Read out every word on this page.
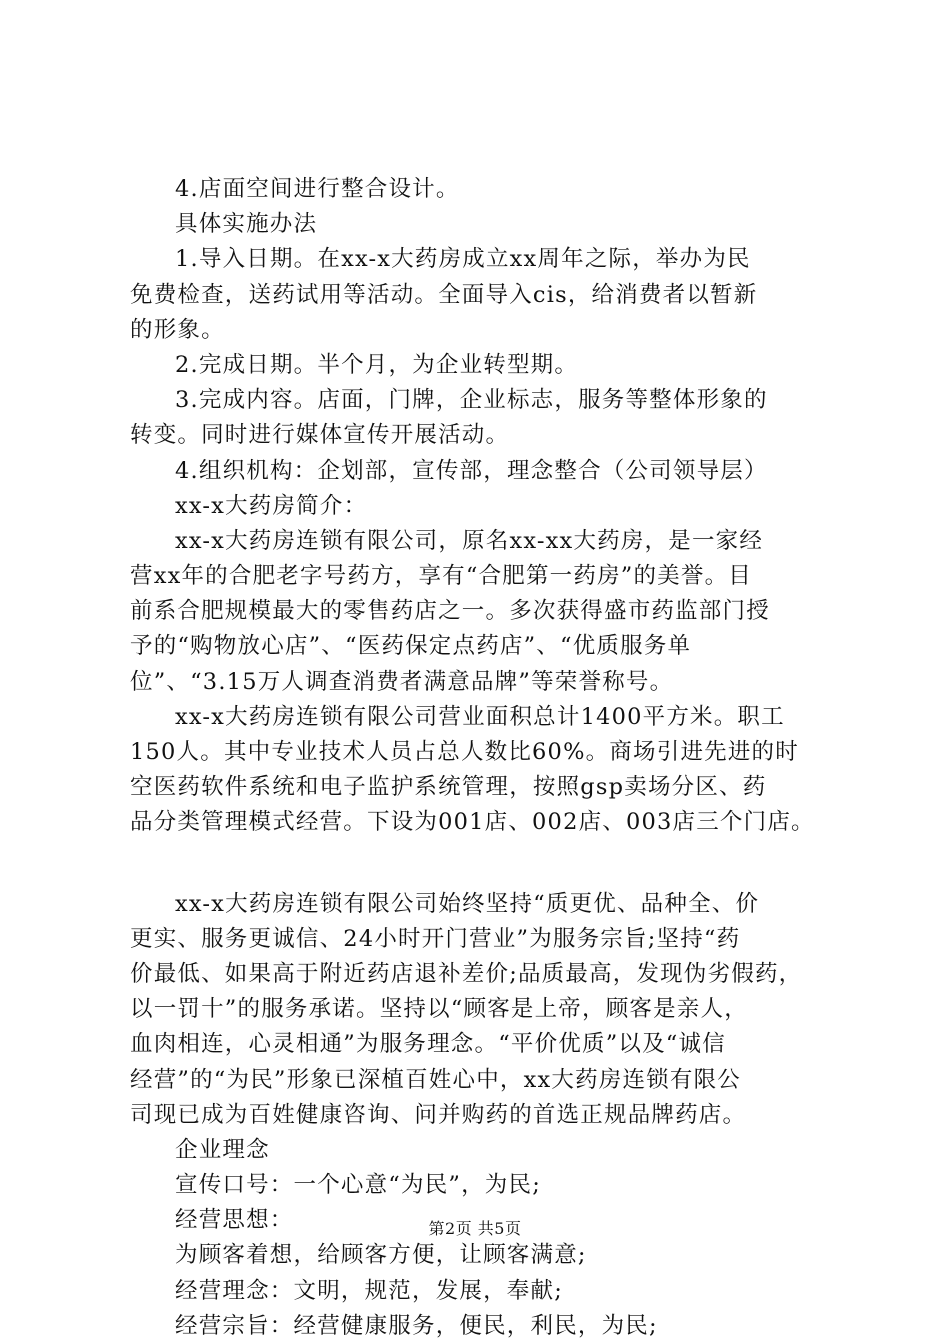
4.店面空间进行整合设计。
具体实施办法
1.导入日期。在xx-x大药房成立xx周年之际，举办为民
免费检查，送药试用等活动。全面导入cis，给消费者以暂新
的形象。
2.完成日期。半个月，为企业转型期。
3.完成内容。店面，门牌，企业标志，服务等整体形象的
转变。同时进行媒体宣传开展活动。
4.组织机构：企划部，宣传部，理念整合（公司领导层）
xx-x大药房简介：
xx-x大药房连锁有限公司，原名xx-xx大药房，是一家经
营xx年的合肥老字号药方，享有“合肥第一药房”的美誉。目
前系合肥规模最大的零售药店之一。多次获得盛市药监部门授
予的“购物放心店”、“医药保定点药店”、“优质服务单
位”、“3.15万人调查消费者满意品牌”等荣誉称号。
xx-x大药房连锁有限公司营业面积总计1400平方米。职工
150人。其中专业技术人员占总人数比60%。商场引进先进的时
空医药软件系统和电子监护系统管理，按照gsp卖场分区、药
品分类管理模式经营。下设为001店、002店、003店三个门店。
xx-x大药房连锁有限公司始终坚持“质更优、品种全、价
更实、服务更诚信、24小时开门营业”为服务宗旨;坚持“药
价最低、如果高于附近药店退补差价;品质最高，发现伪劣假药，
以一罚十”的服务承诺。坚持以“顾客是上帝，顾客是亲人，
血肉相连，心灵相通”为服务理念。“平价优质”以及“诚信
经营”的“为民”形象已深植百姓心中，xx大药房连锁有限公
司现已成为百姓健康咨询、问并购药的首选正规品牌药店。
企业理念
宣传口号：一个心意“为民”，为民;
经营思想：
为顾客着想，给顾客方便，让顾客满意;
经营理念：文明，规范，发展，奉献;
经营宗旨：经营健康服务，便民，利民，为民;
第2页 共5页
